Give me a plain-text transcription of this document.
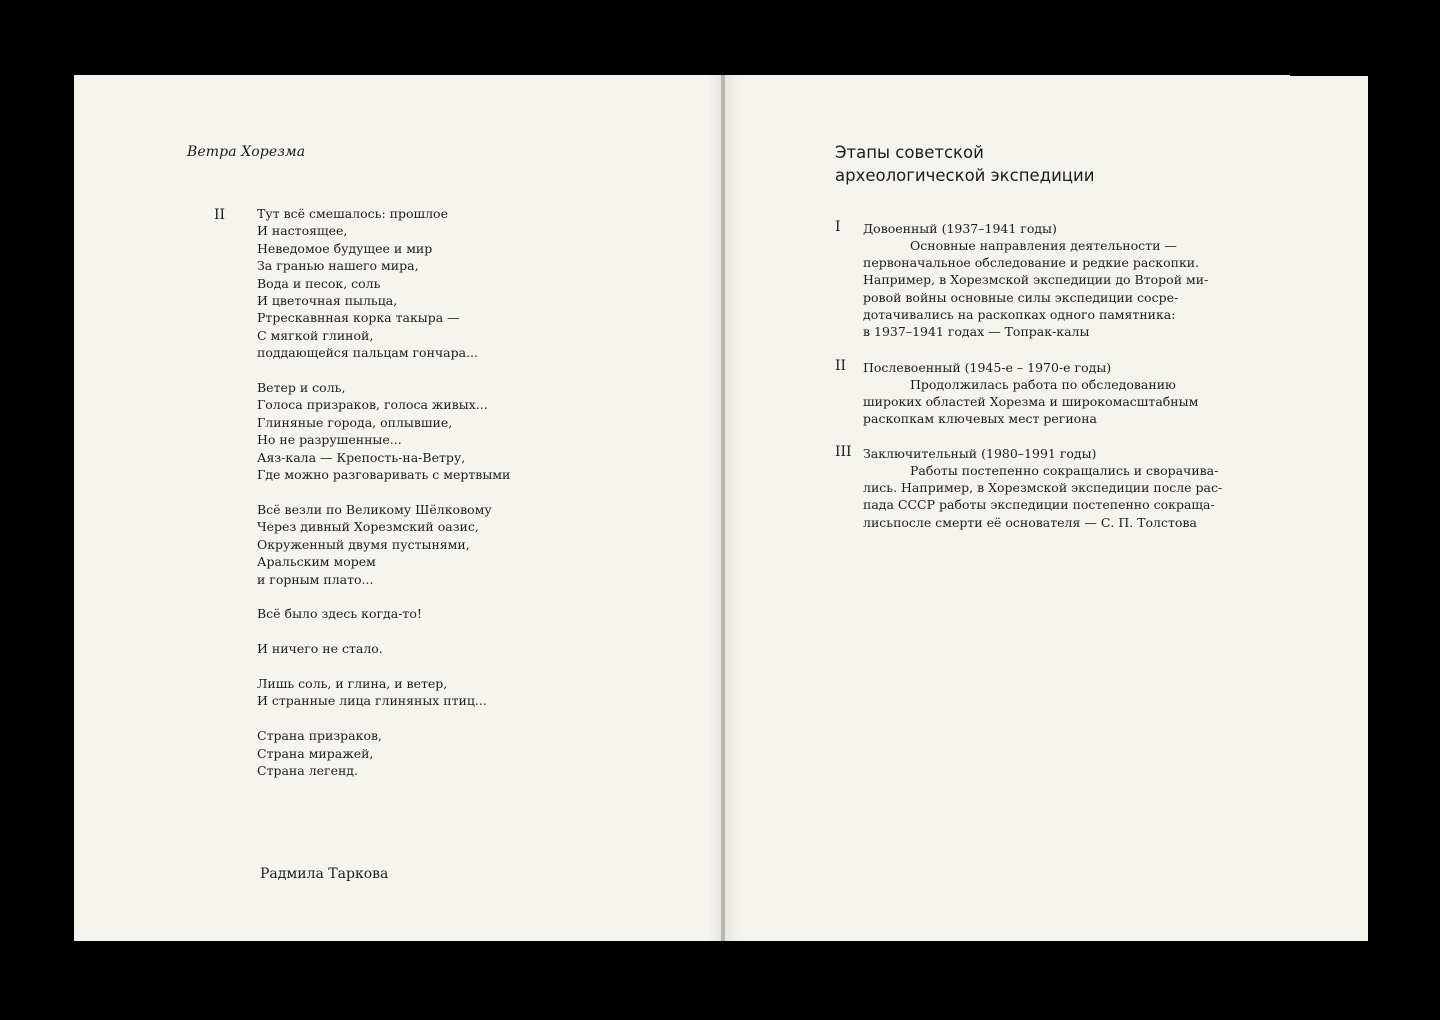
Ветра Хорезма
II	Тут всё смешалось: прошлое
И настоящее,
Неведомое будущее и мир
За гранью нашего мира,
Вода и песок, соль
И цветочная пыльца,
Ртрескавнная корка такыра —
С мягкой глиной,
поддающейся пальцам гончара...
Ветер и соль,
Голоса призраков, голоса живых...
Глиняные города, оплывшие,
Но не разрушенные...
Аяз-кала — Крепость-на-Ветру,
Где можно разговаривать с мертвыми
Всё везли по Великому Шёлковому
Через дивный Хорезмский оазис,
Окруженный двумя пустынями,
Аральским морем
и горным плато...
Всё было здесь когда-то!
И ничего не стало.
Лишь соль, и глина, и ветер,
И странные лица глиняных птиц...
Страна призраков,
Страна миражей,
Страна легенд.
Радмила Таркова
Этапы советской
археологической экспедиции
I Довоенный (1937–1941 годы)
Основные направления деятельности —
первоначальное обследование и редкие раскопки.
Например, в Хорезмской экспедиции до Второй ми-
ровой войны основные силы экспедиции сосре-
дотачивались на раскопках одного памятника:
в 1937–1941 годах — Топрак-калы
II Послевоенный (1945-е – 1970-е годы)
Продолжилась работа по обследованию
широких областей Хорезма и широкомасштабным
раскопкам ключевых мест региона
III Заключительный (1980–1991 годы)
Работы постепенно сокращались и сворачива-
лись. Например, в Хорезмской экспедиции после рас-
пада СССР работы экспедиции постепенно сокраща-
лисьпосле смерти её основателя — С. П. Толстова
